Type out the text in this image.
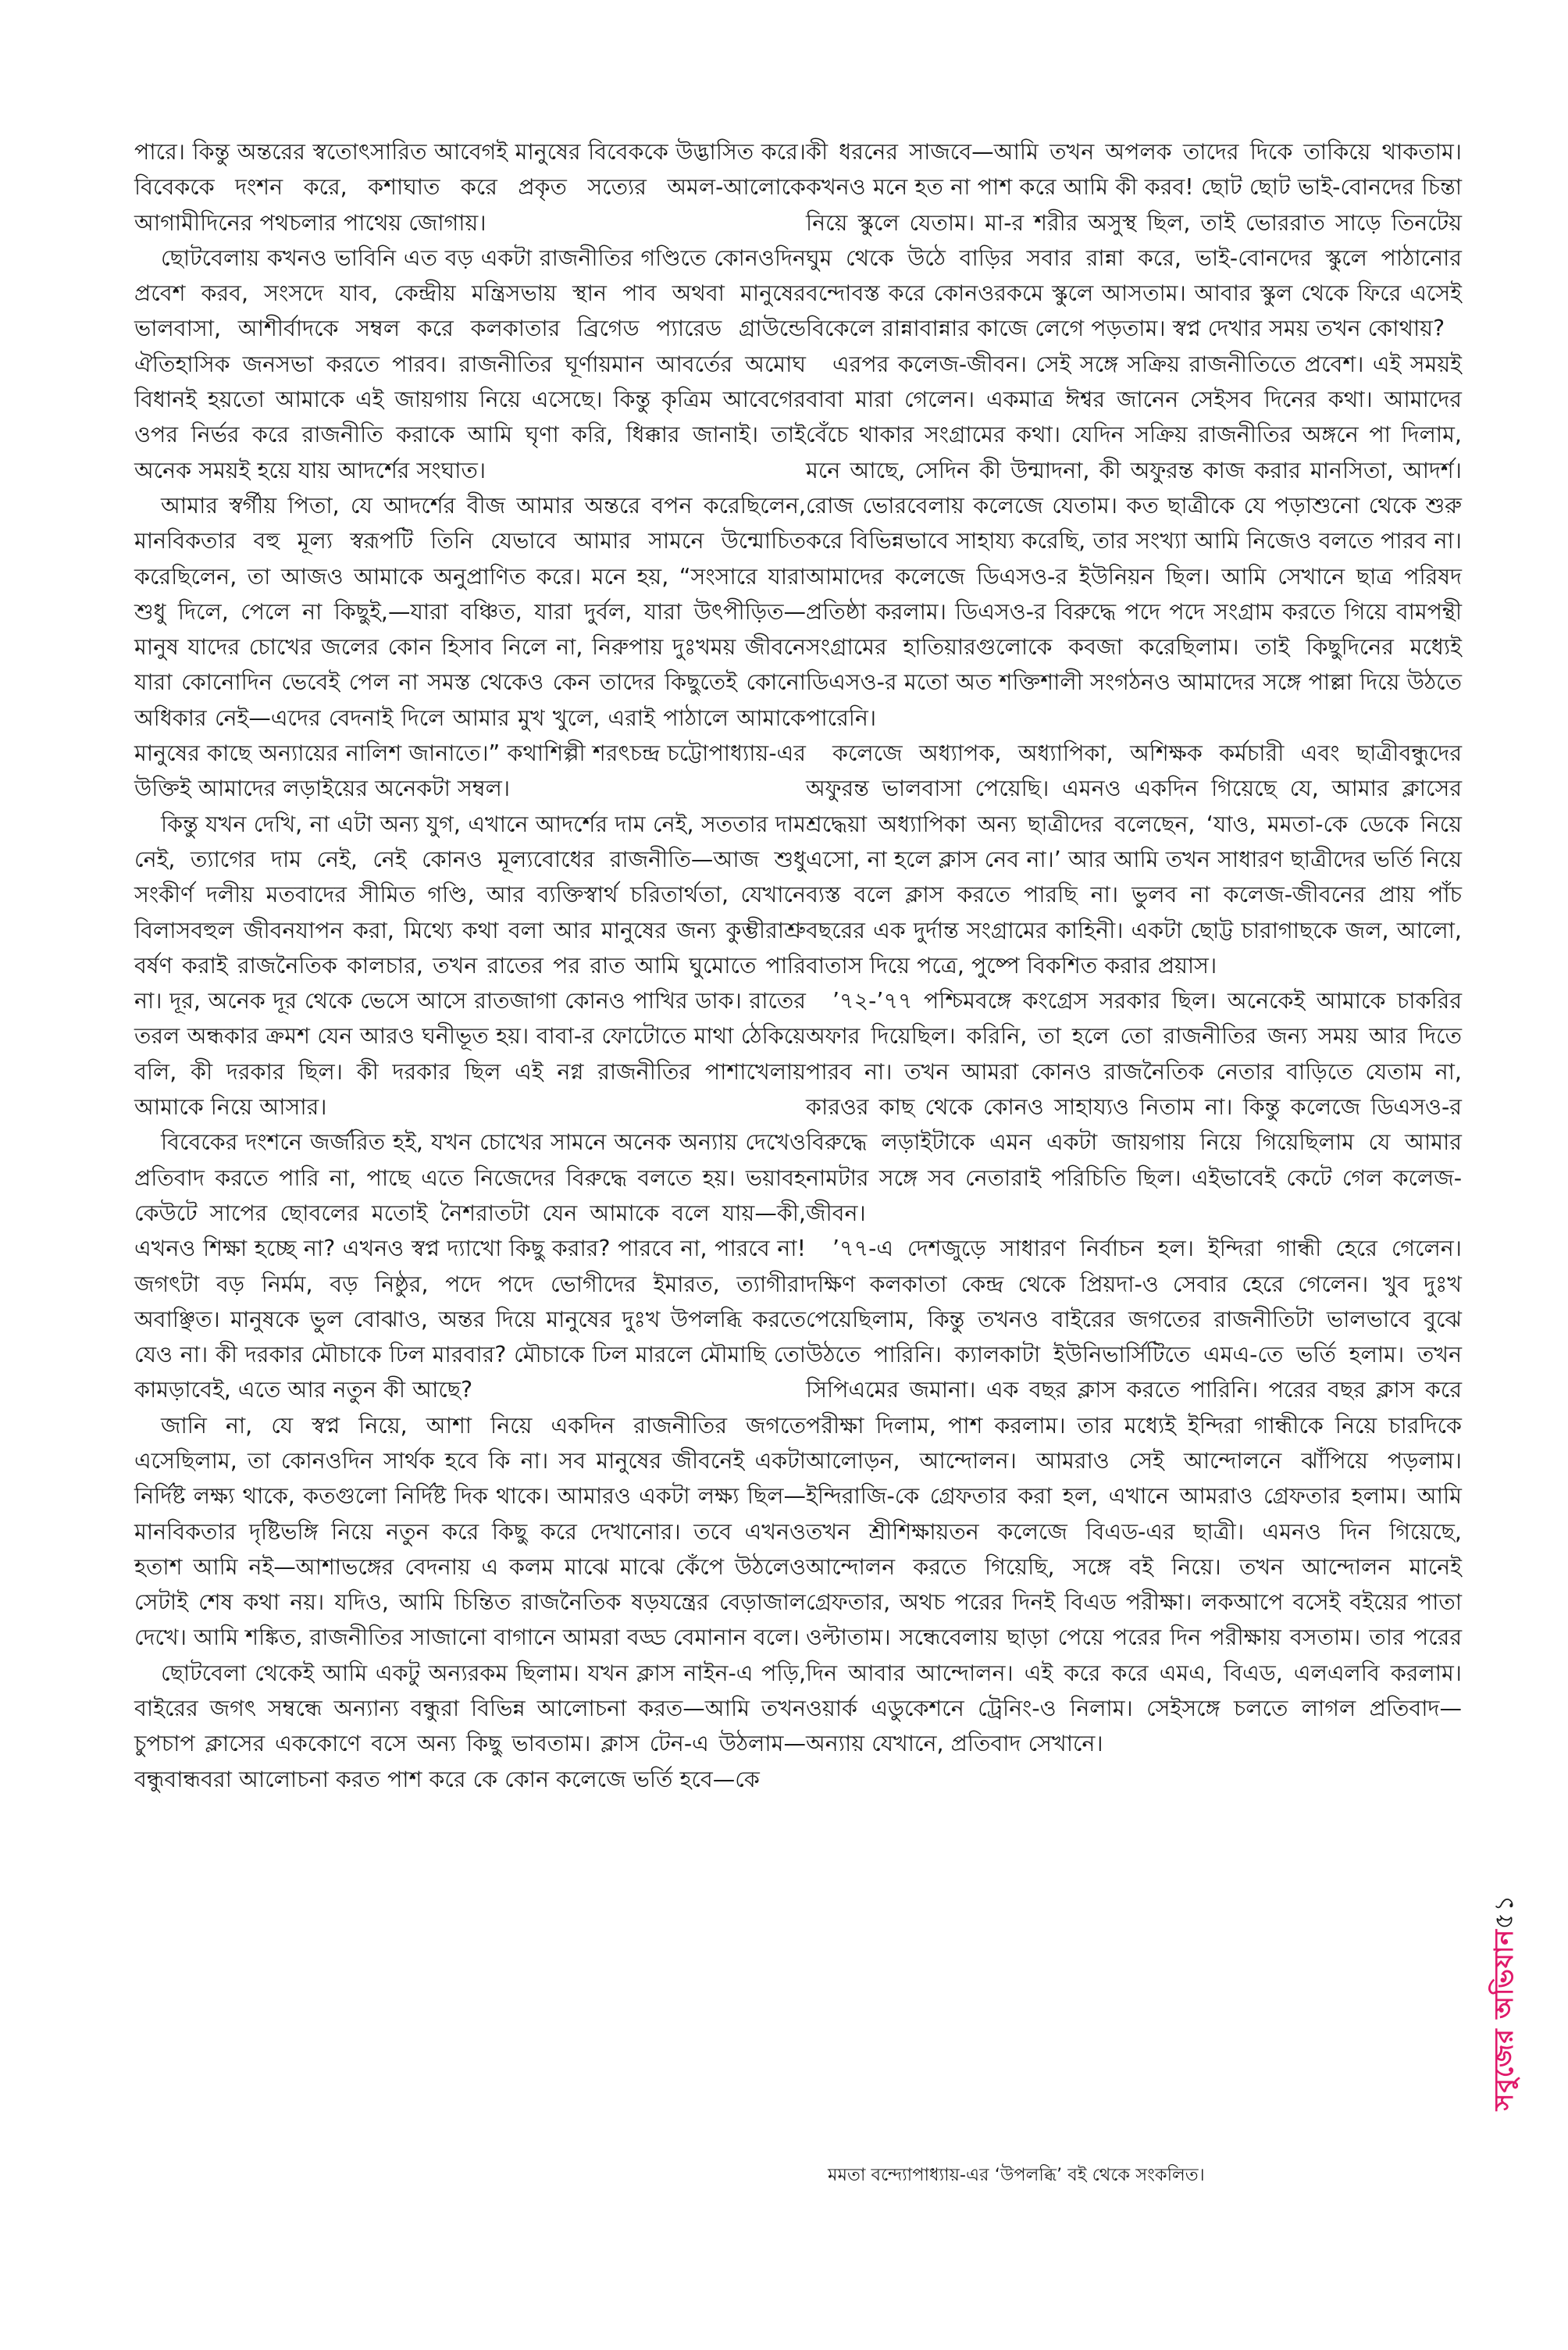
পারে। কিন্তু অন্তরের স্বতোৎসারিত আবেগই মানুষের বিবেককে উদ্ভাসিত করে। বিবেককে দংশন করে, কশাঘাত করে প্রকৃত সত্যের অমল-আলোকে আগামীদিনের পথচলার পাথেয় জোগায়।

ছোটবেলায় কখনও ভাবিনি এত বড় একটা রাজনীতির গণ্ডিতে কোনওদিন প্রবেশ করব, সংসদে যাব, কেন্দ্রীয় মন্ত্রিসভায় স্থান পাব অথবা মানুষের ভালবাসা, আশীর্বাদকে সম্বল করে কলকাতার ব্রিগেড প্যারেড গ্রাউন্ডে ঐতিহাসিক জনসভা করতে পারব। রাজনীতির ঘূর্ণায়মান আবর্তের অমোঘ বিধানই হয়তো আমাকে এই জায়গায় নিয়ে এসেছে। কিন্তু কৃত্রিম আবেগের ওপর নির্ভর করে রাজনীতি করাকে আমি ঘৃণা করি, ধিক্কার জানাই। তাই অনেক সময়ই হয়ে যায় আদর্শের সংঘাত।

আমার স্বর্গীয় পিতা, যে আদর্শের বীজ আমার অন্তরে বপন করেছিলেন, মানবিকতার বহু মূল্য স্বরূপটি তিনি যেভাবে আমার সামনে উন্মোচিত করেছিলেন, তা আজও আমাকে অনুপ্রাণিত করে। মনে হয়, “সংসারে যারা শুধু দিলে, পেলে না কিছুই,—যারা বঞ্চিত, যারা দুর্বল, যারা উৎপীড়িত—মানুষ যাদের চোখের জলের কোন হিসাব নিলে না, নিরুপায় দুঃখময় জীবনে যারা কোনোদিন ভেবেই পেল না সমস্ত থেকেও কেন তাদের কিছুতেই কোনো অধিকার নেই—এদের বেদনাই দিলে আমার মুখ খুলে, এরাই পাঠালে আমাকে মানুষের কাছে অন্যায়ের নালিশ জানাতে।” কথাশিল্পী শরৎচন্দ্র চট্টোপাধ্যায়-এর উক্তিই আমাদের লড়াইয়ের অনেকটা সম্বল।

কিন্তু যখন দেখি, না এটা অন্য যুগ, এখানে আদর্শের দাম নেই, সততার দাম নেই, ত্যাগের দাম নেই, নেই কোনও মূল্যবোধের রাজনীতি—আজ শুধু সংকীর্ণ দলীয় মতবাদের সীমিত গণ্ডি, আর ব্যক্তিস্বার্থ চরিতার্থতা, যেখানে বিলাসবহুল জীবনযাপন করা, মিথ্যে কথা বলা আর মানুষের জন্য কুম্ভীরাশ্রু বর্ষণ করাই রাজনৈতিক কালচার, তখন রাতের পর রাত আমি ঘুমোতে পারি না। দূর, অনেক দূর থেকে ভেসে আসে রাতজাগা কোনও পাখির ডাক। রাতের তরল অন্ধকার ক্রমশ যেন আরও ঘনীভূত হয়। বাবা-র ফোটোতে মাথা ঠেকিয়ে বলি, কী দরকার ছিল। কী দরকার ছিল এই নগ্ন রাজনীতির পাশাখেলায় আমাকে নিয়ে আসার।

বিবেকের দংশনে জর্জরিত হই, যখন চোখের সামনে অনেক অন্যায় দেখেও প্রতিবাদ করতে পারি না, পাছে এতে নিজেদের বিরুদ্ধে বলতে হয়। ভয়াবহ কেউটে সাপের ছোবলের মতোই নৈশরাতটা যেন আমাকে বলে যায়—কী, এখনও শিক্ষা হচ্ছে না? এখনও স্বপ্ন দ্যাখো কিছু করার? পারবে না, পারবে না! জগৎটা বড় নির্মম, বড় নিষ্ঠুর, পদে পদে ভোগীদের ইমারত, ত্যাগীরা অবাঞ্ছিত। মানুষকে ভুল বোঝাও, অন্তর দিয়ে মানুষের দুঃখ উপলব্ধি করতে যেও না। কী দরকার মৌচাকে ঢিল মারবার? মৌচাকে ঢিল মারলে মৌমাছি তো কামড়াবেই, এতে আর নতুন কী আছে?

জানি না, যে স্বপ্ন নিয়ে, আশা নিয়ে একদিন রাজনীতির জগতে এসেছিলাম, তা কোনওদিন সার্থক হবে কি না। সব মানুষের জীবনেই একটা নির্দিষ্ট লক্ষ্য থাকে, কতগুলো নির্দিষ্ট দিক থাকে। আমারও একটা লক্ষ্য ছিল—মানবিকতার দৃষ্টিভঙ্গি নিয়ে নতুন করে কিছু করে দেখানোর। তবে এখনও হতাশ আমি নই—আশাভঙ্গের বেদনায় এ কলম মাঝে মাঝে কেঁপে উঠলেও সেটাই শেষ কথা নয়। যদিও, আমি চিন্তিত রাজনৈতিক ষড়যন্ত্রের বেড়াজাল দেখে। আমি শঙ্কিত, রাজনীতির সাজানো বাগানে আমরা বড্ড বেমানান বলে।

ছোটবেলা থেকেই আমি একটু অন্যরকম ছিলাম। যখন ক্লাস নাইন-এ পড়ি, বাইরের জগৎ সম্বন্ধে অন্যান্য বন্ধুরা বিভিন্ন আলোচনা করত—আমি তখন চুপচাপ ক্লাসের এককোণে বসে অন্য কিছু ভাবতাম। ক্লাস টেন-এ উঠলাম—বন্ধুবান্ধবরা আলোচনা করত পাশ করে কে কোন কলেজে ভর্তি হবে—কে

কী ধরনের সাজবে—আমি তখন অপলক তাদের দিকে তাকিয়ে থাকতাম। কখনও মনে হত না পাশ করে আমি কী করব! ছোট ছোট ভাই-বোনদের চিন্তা নিয়ে স্কুলে যেতাম। মা-র শরীর অসুস্থ ছিল, তাই ভোররাত সাড়ে তিনটেয় ঘুম থেকে উঠে বাড়ির সবার রান্না করে, ভাই-বোনদের স্কুলে পাঠানোর বন্দোবস্ত করে কোনওরকমে স্কুলে আসতাম। আবার স্কুল থেকে ফিরে এসেই বিকেলে রান্নাবান্নার কাজে লেগে পড়তাম। স্বপ্ন দেখার সময় তখন কোথায়?

এরপর কলেজ-জীবন। সেই সঙ্গে সক্রিয় রাজনীতিতে প্রবেশ। এই সময়ই বাবা মারা গেলেন। একমাত্র ঈশ্বর জানেন সেইসব দিনের কথা। আমাদের বেঁচে থাকার সংগ্রামের কথা। যেদিন সক্রিয় রাজনীতির অঙ্গনে পা দিলাম, মনে আছে, সেদিন কী উন্মাদনা, কী অফুরন্ত কাজ করার মানসিতা, আদর্শ। রোজ ভোরবেলায় কলেজে যেতাম। কত ছাত্রীকে যে পড়াশুনো থেকে শুরু করে বিভিন্নভাবে সাহায্য করেছি, তার সংখ্যা আমি নিজেও বলতে পারব না। আমাদের কলেজে ডিএসও-র ইউনিয়ন ছিল। আমি সেখানে ছাত্র পরিষদ প্রতিষ্ঠা করলাম। ডিএসও-র বিরুদ্ধে পদে পদে সংগ্রাম করতে গিয়ে বামপন্থী সংগ্রামের হাতিয়ারগুলোকে কবজা করেছিলাম। তাই কিছুদিনের মধ্যেই ডিএসও-র মতো অত শক্তিশালী সংগঠনও আমাদের সঙ্গে পাল্লা দিয়ে উঠতে পারেনি।

কলেজে অধ্যাপক, অধ্যাপিকা, অশিক্ষক কর্মচারী এবং ছাত্রীবন্ধুদের অফুরন্ত ভালবাসা পেয়েছি। এমনও একদিন গিয়েছে যে, আমার ক্লাসের শ্রদ্ধেয়া অধ্যাপিকা অন্য ছাত্রীদের বলেছেন, ‘যাও, মমতা-কে ডেকে নিয়ে এসো, না হলে ক্লাস নেব না।’ আর আমি তখন সাধারণ ছাত্রীদের ভর্তি নিয়ে ব্যস্ত বলে ক্লাস করতে পারছি না। ভুলব না কলেজ-জীবনের প্রায় পাঁচ বছরের এক দুর্দান্ত সংগ্রামের কাহিনী। একটা ছোট্ট চারাগাছকে জল, আলো, বাতাস দিয়ে পত্রে, পুষ্পে বিকশিত করার প্রয়াস।

’৭২-’৭৭ পশ্চিমবঙ্গে কংগ্রেস সরকার ছিল। অনেকেই আমাকে চাকরির অফার দিয়েছিল। করিনি, তা হলে তো রাজনীতির জন্য সময় আর দিতে পারব না। তখন আমরা কোনও রাজনৈতিক নেতার বাড়িতে যেতাম না, কারওর কাছ থেকে কোনও সাহায্যও নিতাম না। কিন্তু কলেজে ডিএসও-র বিরুদ্ধে লড়াইটাকে এমন একটা জায়গায় নিয়ে গিয়েছিলাম যে আমার নামটার সঙ্গে সব নেতারাই পরিচিতি ছিল। এইভাবেই কেটে গেল কলেজ-জীবন।

’৭৭-এ দেশজুড়ে সাধারণ নির্বাচন হল। ইন্দিরা গান্ধী হেরে গেলেন। দক্ষিণ কলকাতা কেন্দ্র থেকে প্রিয়দা-ও সেবার হেরে গেলেন। খুব দুঃখ পেয়েছিলাম, কিন্তু তখনও বাইরের জগতের রাজনীতিটা ভালভাবে বুঝে উঠতে পারিনি। ক্যালকাটা ইউনিভার্সিটিতে এমএ-তে ভর্তি হলাম। তখন সিপিএমের জমানা। এক বছর ক্লাস করতে পারিনি। পরের বছর ক্লাস করে পরীক্ষা দিলাম, পাশ করলাম। তার মধ্যেই ইন্দিরা গান্ধীকে নিয়ে চারদিকে আলোড়ন, আন্দোলন। আমরাও সেই আন্দোলনে ঝাঁপিয়ে পড়লাম। ইন্দিরাজি-কে গ্রেফতার করা হল, এখানে আমরাও গ্রেফতার হলাম। আমি তখন শ্রীশিক্ষায়তন কলেজে বিএড-এর ছাত্রী। এমনও দিন গিয়েছে, আন্দোলন করতে গিয়েছি, সঙ্গে বই নিয়ে। তখন আন্দোলন মানেই গ্রেফতার, অথচ পরের দিনই বিএড পরীক্ষা। লকআপে বসেই বইয়ের পাতা ওল্টাতাম। সন্ধেবেলায় ছাড়া পেয়ে পরের দিন পরীক্ষায় বসতাম। তার পরের দিন আবার আন্দোলন। এই করে করে এমএ, বিএড, এলএলবি করলাম। ওয়ার্ক এডুকেশনে ট্রেনিং-ও নিলাম। সেইসঙ্গে চলতে লাগল প্রতিবাদ—অন্যায় যেখানে, প্রতিবাদ সেখানে।

মমতা বন্দ্যোপাধ্যায়-এর ‘উপলব্ধি’ বই থেকে সংকলিত।
সবুজের অভিযান৫১
